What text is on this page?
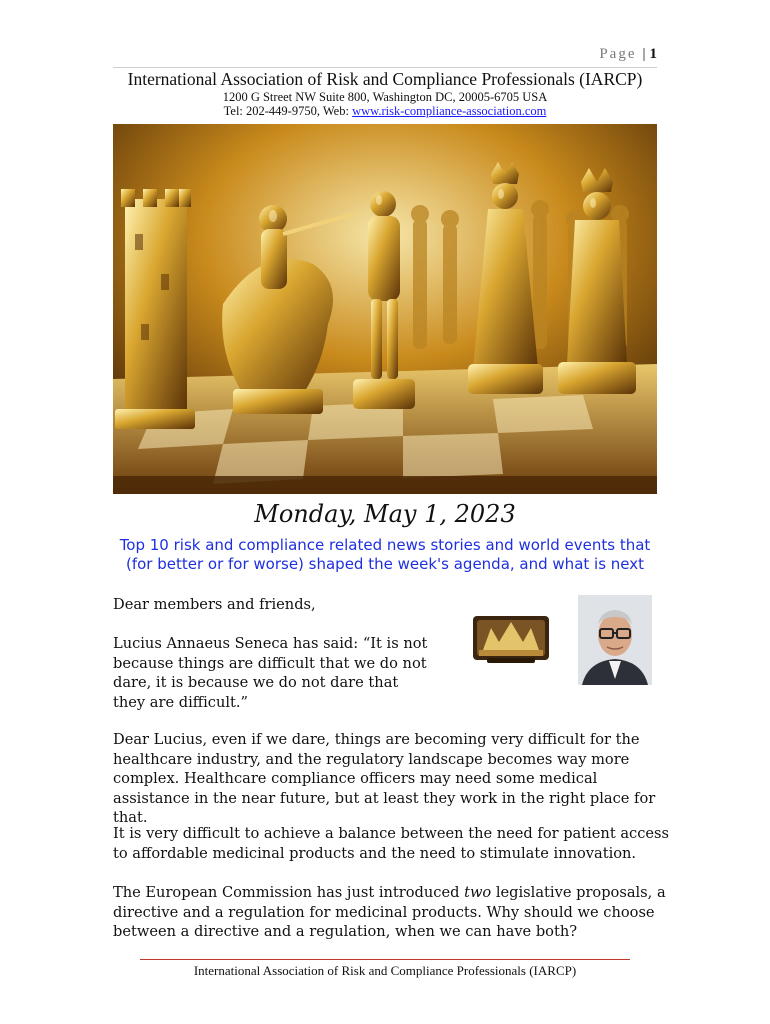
Page | 1
International Association of Risk and Compliance Professionals (IARCP)
1200 G Street NW Suite 800, Washington DC, 20005-6705 USA
Tel: 202-449-9750, Web: www.risk-compliance-association.com
Monday, May 1, 2023
Top 10 risk and compliance related news stories and world events that (for better or for worse) shaped the week's agenda, and what is next
Dear members and friends,
Lucius Annaeus Seneca has said: “It is not because things are difficult that we do not dare, it is because we do not dare that they are difficult.”
Dear Lucius, even if we dare, things are becoming very difficult for the healthcare industry, and the regulatory landscape becomes way more complex. Healthcare compliance officers may need some medical assistance in the near future, but at least they work in the right place for that.
It is very difficult to achieve a balance between the need for patient access to affordable medicinal products and the need to stimulate innovation.
The European Commission has just introduced two legislative proposals, a directive and a regulation for medicinal products. Why should we choose between a directive and a regulation, when we can have both?
International Association of Risk and Compliance Professionals (IARCP)
